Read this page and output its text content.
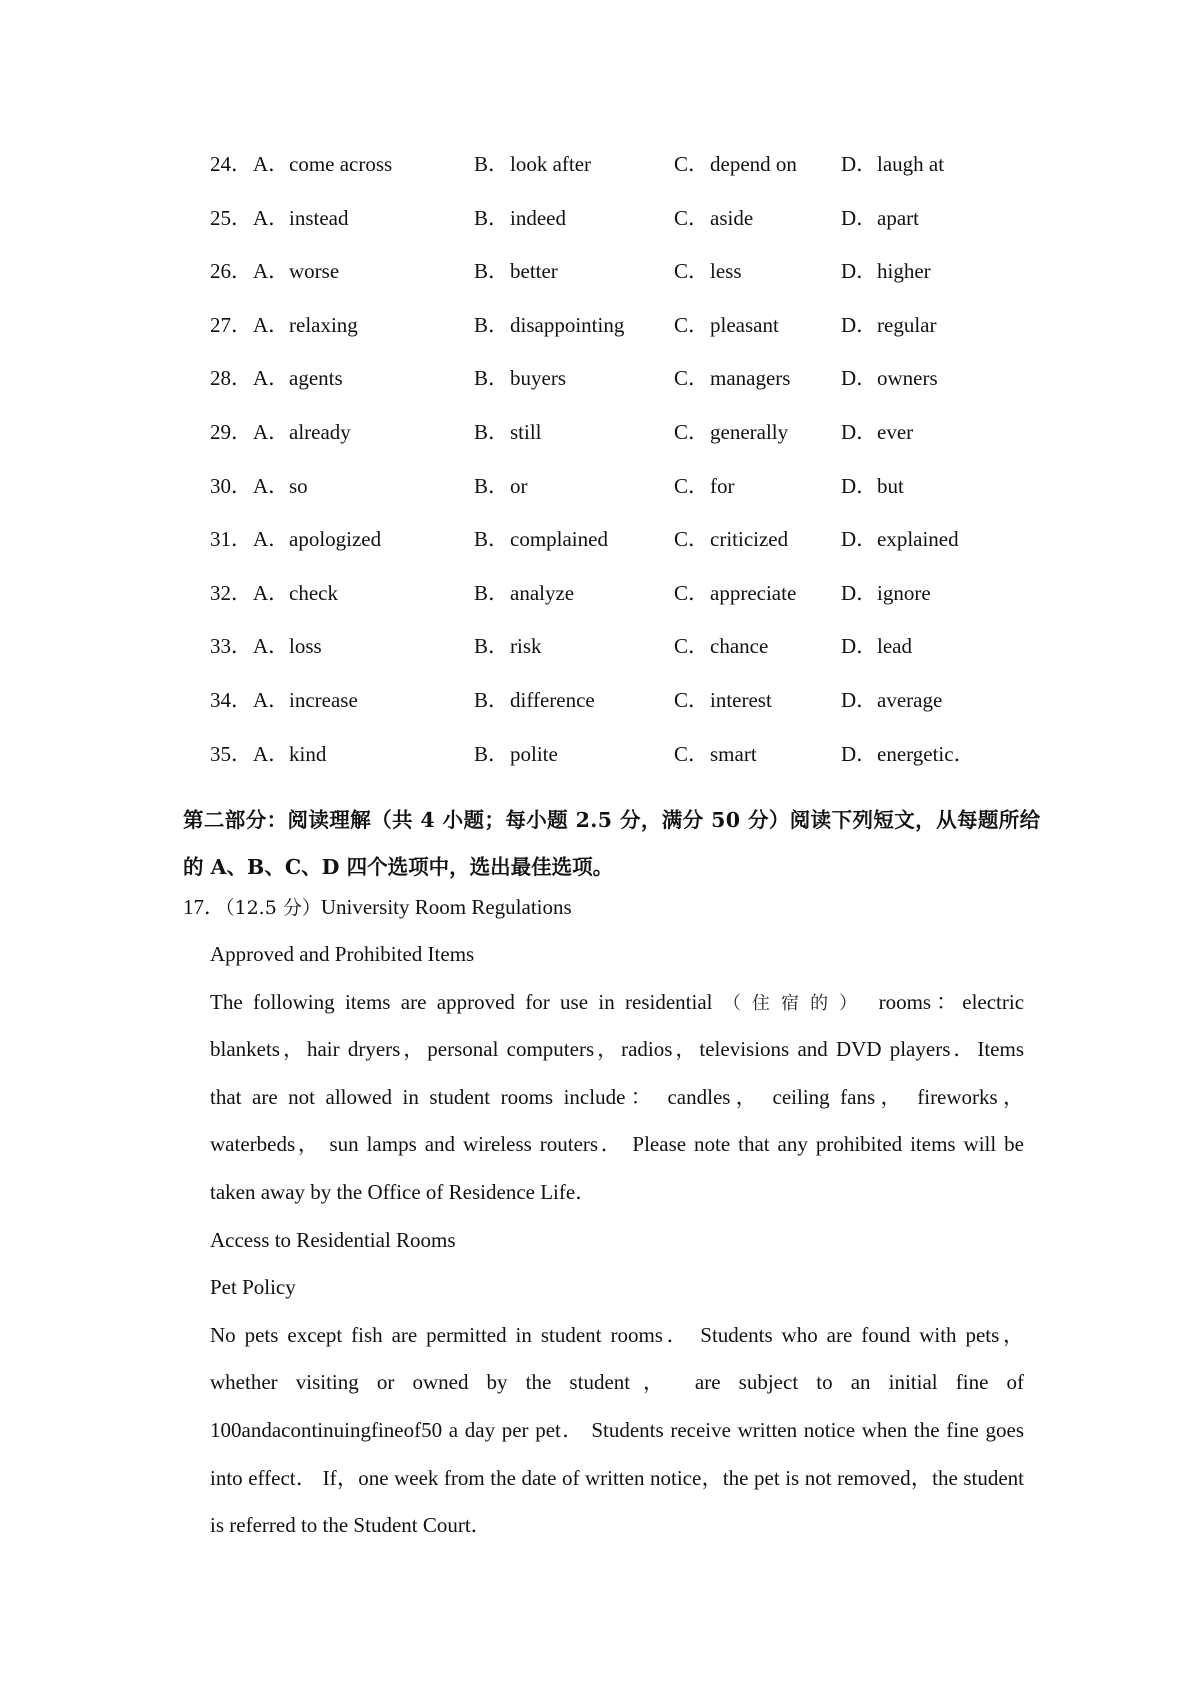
24． A．come across	B．look after	C．depend on D．laugh at
25． A．instead	B．indeed	C．aside	D．apart
26． A．worse	B．better	C．less	D．higher
27． A．relaxing	B．disappointing C．pleasant	D．regular
28． A．agents	B．buyers	C．managers D．owners
29． A．already	B．still	C．generally	D．ever
30． A．so	B．or	C．for	D．but
31． A．apologized	B．complained	C．criticized	D．explained
32． A．check	B．analyze	C．appreciate D．ignore
33． A．loss	B．risk	C．chance	D．lead
34． A．increase	B．difference	C．interest	D．average
35． A．kind	B．polite	C．smart	D．energetic．
第二部分：阅读理解（共 4 小题；每小题 2.5 分，满分 50 分）阅读下列短文，从每题所给
的 A、B、C、D 四个选项中，选出最佳选项。
17．（12.5 分）University Room Regulations
Approved and Prohibited Items
The following items are approved for use in residential （住宿的） rooms：electric
blankets，hair dryers，personal computers，radios，televisions and DVD players．Items
that are not allowed in student rooms include： candles， ceiling fans， fireworks，
waterbeds， sun lamps and wireless routers． Please note that any prohibited items will be
taken away by the Office of Residence Life．
Access to Residential Rooms
Pet Policy
No pets except fish are permitted in student rooms． Students who are found with pets，
whether visiting or owned by the student， are subject to an initial fine of
100andacontinuingfineof50 a day per pet． Students receive written notice when the fine goes
into effect． If，one week from the date of written notice，the pet is not removed，the student
is referred to the Student Court．
